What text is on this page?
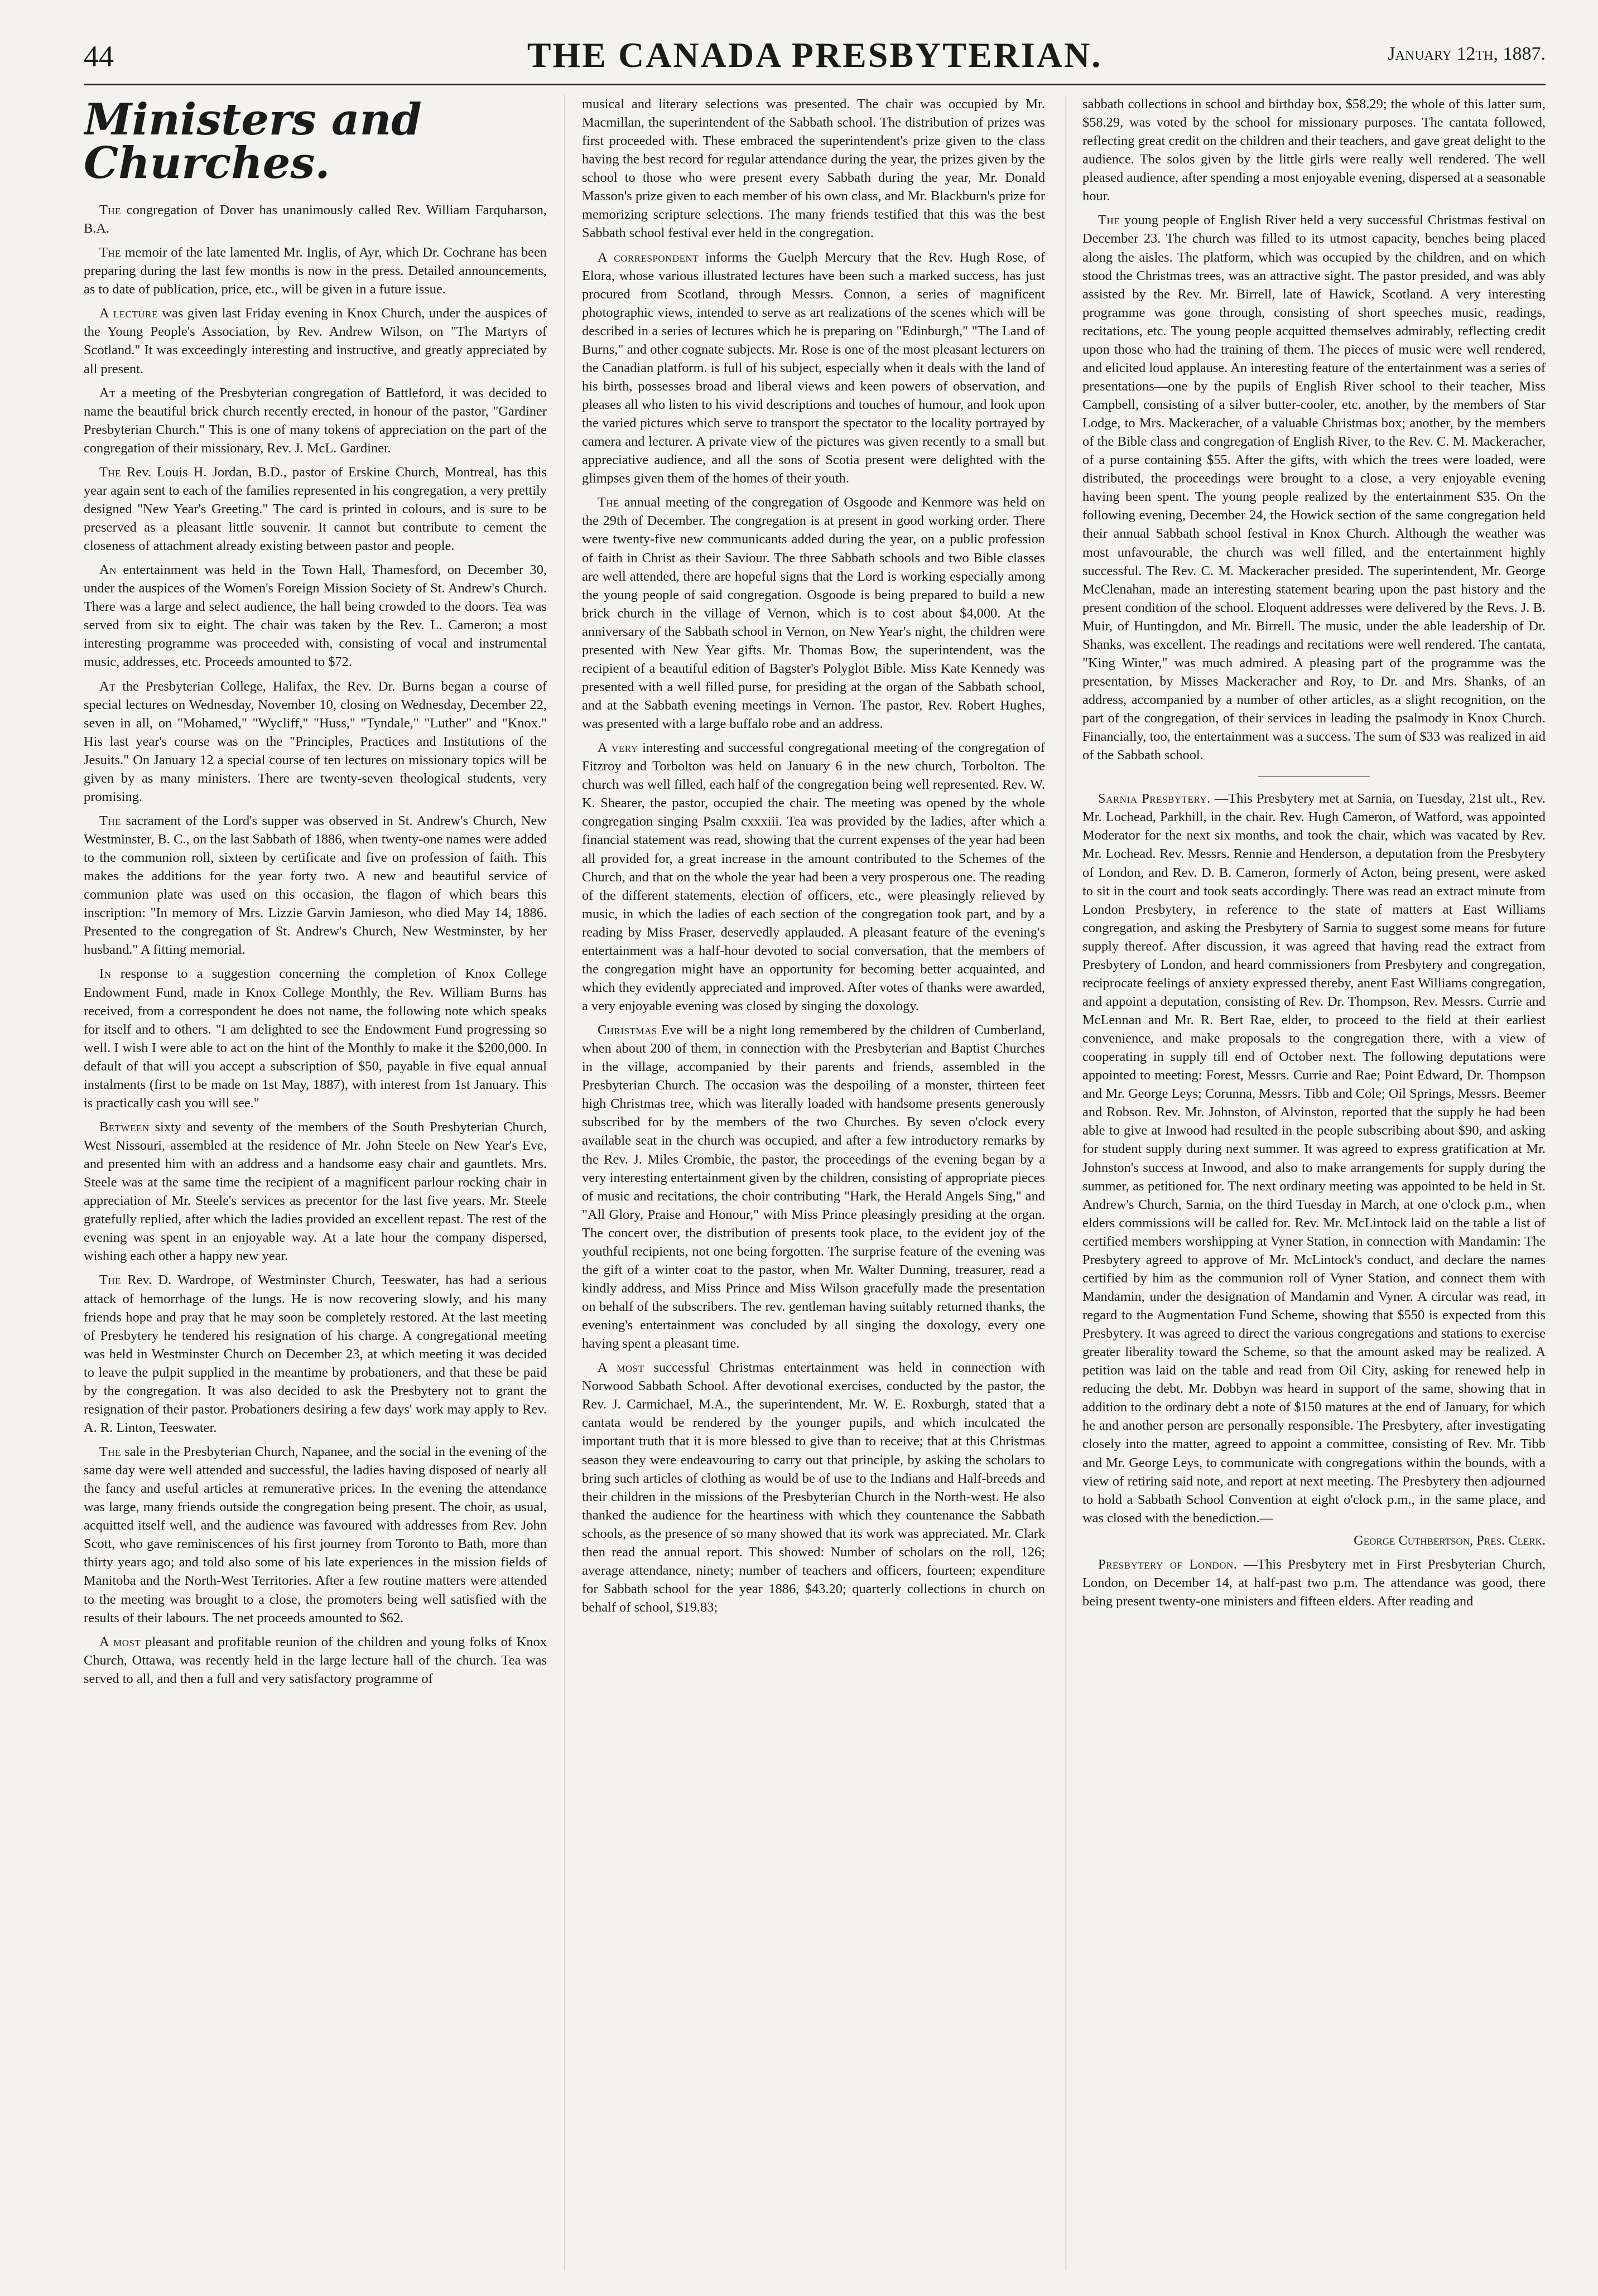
44	THE CANADA PRESBYTERIAN.	January 12th, 1887.
Ministers and Churches.

The congregation of Dover has unanimously called Rev. William Farquharson, B.A.

The memoir of the late lamented Mr. Inglis, of Ayr, which Dr. Cochrane has been preparing during the last few months is now in the press. Detailed announcements, as to date of publication, price, etc., will be given in a future issue.

A lecture was given last Friday evening in Knox Church, under the auspices of the Young People's Association, by Rev. Andrew Wilson, on "The Martyrs of Scotland." It was exceedingly interesting and instructive, and greatly appreciated by all present.

At a meeting of the Presbyterian congregation of Battleford, it was decided to name the beautiful brick church recently erected, in honour of the pastor, "Gardiner Presbyterian Church." This is one of many tokens of appreciation on the part of the congregation of their missionary, Rev. J. McL. Gardiner.

The Rev. Louis H. Jordan, B.D., pastor of Erskine Church, Montreal, has this year again sent to each of the families represented in his congregation, a very prettily designed "New Year's Greeting." The card is printed in colours, and is sure to be preserved as a pleasant little souvenir. It cannot but contribute to cement the closeness of attachment already existing between pastor and people.

An entertainment was held in the Town Hall, Thamesford, on December 30, under the auspices of the Women's Foreign Mission Society of St. Andrew's Church. There was a large and select audience, the hall being crowded to the doors. Tea was served from six to eight. The chair was taken by the Rev. L. Cameron; a most interesting programme was proceeded with, consisting of vocal and instrumental music, addresses, etc. Proceeds amounted to $72.

At the Presbyterian College, Halifax, the Rev. Dr. Burns began a course of special lectures on Wednesday, November 10, closing on Wednesday, December 22, seven in all, on "Mohamed," "Wycliff," "Huss," "Tyndale," "Luther" and "Knox." His last year's course was on the "Principles, Practices and Institutions of the Jesuits." On January 12 a special course of ten lectures on missionary topics will be given by as many ministers. There are twenty-seven theological students, very promising.

The sacrament of the Lord's supper was observed in St. Andrew's Church, New Westminster, B. C., on the last Sabbath of 1886, when twenty-one names were added to the communion roll, sixteen by certificate and five on profession of faith. This makes the additions for the year forty two. A new and beautiful service of communion plate was used on this occasion, the flagon of which bears this inscription: "In memory of Mrs. Lizzie Garvin Jamieson, who died May 14, 1886. Presented to the congregation of St. Andrew's Church, New Westminster, by her husband." A fitting memorial.

In response to a suggestion concerning the completion of Knox College Endowment Fund, made in Knox College Monthly, the Rev. William Burns has received, from a correspondent he does not name, the following note which speaks for itself and to others. "I am delighted to see the Endowment Fund progressing so well. I wish I were able to act on the hint of the Monthly to make it the $200,000. In default of that will you accept a subscription of $50, payable in five equal annual instalments (first to be made on 1st May, 1887), with interest from 1st January. This is practically cash you will see."

Between sixty and seventy of the members of the South Presbyterian Church, West Nissouri, assembled at the residence of Mr. John Steele on New Year's Eve, and presented him with an address and a handsome easy chair and gauntlets. Mrs. Steele was at the same time the recipient of a magnificent parlour rocking chair in appreciation of Mr. Steele's services as precentor for the last five years. Mr. Steele gratefully replied, after which the ladies provided an excellent repast. The rest of the evening was spent in an enjoyable way. At a late hour the company dispersed, wishing each other a happy new year.

The Rev. D. Wardrope, of Westminster Church, Teeswater, has had a serious attack of hemorrhage of the lungs. He is now recovering slowly, and his many friends hope and pray that he may soon be completely restored. At the last meeting of Presbytery he tendered his resignation of his charge. A congregational meeting was held in Westminster Church on December 23, at which meeting it was decided to leave the pulpit supplied in the meantime by probationers, and that these be paid by the congregation. It was also decided to ask the Presbytery not to grant the resignation of their pastor. Probationers desiring a few days' work may apply to Rev. A. R. Linton, Teeswater.

The sale in the Presbyterian Church, Napanee, and the social in the evening of the same day were well attended and successful, the ladies having disposed of nearly all the fancy and useful articles at remunerative prices. In the evening the attendance was large, many friends outside the congregation being present. The choir, as usual, acquitted itself well, and the audience was favoured with addresses from Rev. John Scott, who gave reminiscences of his first journey from Toronto to Bath, more than thirty years ago; and told also some of his late experiences in the mission fields of Manitoba and the North-West Territories. After a few routine matters were attended to the meeting was brought to a close, the promoters being well satisfied with the results of their labours. The net proceeds amounted to $62.

A most pleasant and profitable reunion of the children and young folks of Knox Church, Ottawa, was recently held in the large lecture hall of the church. Tea was served to all, and then a full and very satisfactory programme of

musical and literary selections was presented. The chair was occupied by Mr. Macmillan, the superintendent of the Sabbath school. The distribution of prizes was first proceeded with. These embraced the superintendent's prize given to the class having the best record for regular attendance during the year, the prizes given by the school to those who were present every Sabbath during the year, Mr. Donald Masson's prize given to each member of his own class, and Mr. Blackburn's prize for memorizing scripture selections. The many friends testified that this was the best Sabbath school festival ever held in the congregation.

A correspondent informs the Guelph Mercury that the Rev. Hugh Rose, of Elora, whose various illustrated lectures have been such a marked success, has just procured from Scotland, through Messrs. Connon, a series of magnificent photographic views, intended to serve as art realizations of the scenes which will be described in a series of lectures which he is preparing on "Edinburgh," "The Land of Burns," and other cognate subjects. Mr. Rose is one of the most pleasant lecturers on the Canadian platform. is full of his subject, especially when it deals with the land of his birth, possesses broad and liberal views and keen powers of observation, and pleases all who listen to his vivid descriptions and touches of humour, and look upon the varied pictures which serve to transport the spectator to the locality portrayed by camera and lecturer. A private view of the pictures was given recently to a small but appreciative audience, and all the sons of Scotia present were delighted with the glimpses given them of the homes of their youth.

The annual meeting of the congregation of Osgoode and Kenmore was held on the 29th of December. The congregation is at present in good working order. There were twenty-five new communicants added during the year, on a public profession of faith in Christ as their Saviour. The three Sabbath schools and two Bible classes are well attended, there are hopeful signs that the Lord is working especially among the young people of said congregation. Osgoode is being prepared to build a new brick church in the village of Vernon, which is to cost about $4,000. At the anniversary of the Sabbath school in Vernon, on New Year's night, the children were presented with New Year gifts. Mr. Thomas Bow, the superintendent, was the recipient of a beautiful edition of Bagster's Polyglot Bible. Miss Kate Kennedy was presented with a well filled purse, for presiding at the organ of the Sabbath school, and at the Sabbath evening meetings in Vernon. The pastor, Rev. Robert Hughes, was presented with a large buffalo robe and an address.

A very interesting and successful congregational meeting of the congregation of Fitzroy and Torbolton was held on January 6 in the new church, Torbolton. The church was well filled, each half of the congregation being well represented. Rev. W. K. Shearer, the pastor, occupied the chair. The meeting was opened by the whole congregation singing Psalm cxxxiii. Tea was provided by the ladies, after which a financial statement was read, showing that the current expenses of the year had been all provided for, a great increase in the amount contributed to the Schemes of the Church, and that on the whole the year had been a very prosperous one. The reading of the different statements, election of officers, etc., were pleasingly relieved by music, in which the ladies of each section of the congregation took part, and by a reading by Miss Fraser, deservedly applauded. A pleasant feature of the evening's entertainment was a half-hour devoted to social conversation, that the members of the congregation might have an opportunity for becoming better acquainted, and which they evidently appreciated and improved. After votes of thanks were awarded, a very enjoyable evening was closed by singing the doxology.

Christmas Eve will be a night long remembered by the children of Cumberland, when about 200 of them, in connection with the Presbyterian and Baptist Churches in the village, accompanied by their parents and friends, assembled in the Presbyterian Church. The occasion was the despoiling of a monster, thirteen feet high Christmas tree, which was literally loaded with handsome presents generously subscribed for by the members of the two Churches. By seven o'clock every available seat in the church was occupied, and after a few introductory remarks by the Rev. J. Miles Crombie, the pastor, the proceedings of the evening began by a very interesting entertainment given by the children, consisting of appropriate pieces of music and recitations, the choir contributing "Hark, the Herald Angels Sing," and "All Glory, Praise and Honour," with Miss Prince pleasingly presiding at the organ. The concert over, the distribution of presents took place, to the evident joy of the youthful recipients, not one being forgotten. The surprise feature of the evening was the gift of a winter coat to the pastor, when Mr. Walter Dunning, treasurer, read a kindly address, and Miss Prince and Miss Wilson gracefully made the presentation on behalf of the subscribers. The rev. gentleman having suitably returned thanks, the evening's entertainment was concluded by all singing the doxology, every one having spent a pleasant time.

A most successful Christmas entertainment was held in connection with Norwood Sabbath School. After devotional exercises, conducted by the pastor, the Rev. J. Carmichael, M.A., the superintendent, Mr. W. E. Roxburgh, stated that a cantata would be rendered by the younger pupils, and which inculcated the important truth that it is more blessed to give than to receive; that at this Christmas season they were endeavouring to carry out that principle, by asking the scholars to bring such articles of clothing as would be of use to the Indians and Half-breeds and their children in the missions of the Presbyterian Church in the North-west. He also thanked the audience for the heartiness with which they countenance the Sabbath schools, as the presence of so many showed that its work was appreciated. Mr. Clark then read the annual report. This showed: Number of scholars on the roll, 126; average attendance, ninety; number of teachers and officers, fourteen; expenditure for Sabbath school for the year 1886, $43.20; quarterly collections in church on behalf of school, $19.83;

sabbath collections in school and birthday box, $58.29; the whole of this latter sum, $58.29, was voted by the school for missionary purposes. The cantata followed, reflecting great credit on the children and their teachers, and gave great delight to the audience. The solos given by the little girls were really well rendered. The well pleased audience, after spending a most enjoyable evening, dispersed at a seasonable hour.

The young people of English River held a very successful Christmas festival on December 23. The church was filled to its utmost capacity, benches being placed along the aisles. The platform, which was occupied by the children, and on which stood the Christmas trees, was an attractive sight. The pastor presided, and was ably assisted by the Rev. Mr. Birrell, late of Hawick, Scotland. A very interesting programme was gone through, consisting of short speeches music, readings, recitations, etc. The young people acquitted themselves admirably, reflecting credit upon those who had the training of them. The pieces of music were well rendered, and elicited loud applause. An interesting feature of the entertainment was a series of presentations—one by the pupils of English River school to their teacher, Miss Campbell, consisting of a silver butter-cooler, etc. another, by the members of Star Lodge, to Mrs. Mackeracher, of a valuable Christmas box; another, by the members of the Bible class and congregation of English River, to the Rev. C. M. Mackeracher, of a purse containing $55. After the gifts, with which the trees were loaded, were distributed, the proceedings were brought to a close, a very enjoyable evening having been spent. The young people realized by the entertainment $35. On the following evening, December 24, the Howick section of the same congregation held their annual Sabbath school festival in Knox Church. Although the weather was most unfavourable, the church was well filled, and the entertainment highly successful. The Rev. C. M. Mackeracher presided. The superintendent, Mr. George McClenahan, made an interesting statement bearing upon the past history and the present condition of the school. Eloquent addresses were delivered by the Revs. J. B. Muir, of Huntingdon, and Mr. Birrell. The music, under the able leadership of Dr. Shanks, was excellent. The readings and recitations were well rendered. The cantata, "King Winter," was much admired. A pleasing part of the programme was the presentation, by Misses Mackeracher and Roy, to Dr. and Mrs. Shanks, of an address, accompanied by a number of other articles, as a slight recognition, on the part of the congregation, of their services in leading the psalmody in Knox Church. Financially, too, the entertainment was a success. The sum of $33 was realized in aid of the Sabbath school.

Sarnia Presbytery. —This Presbytery met at Sarnia, on Tuesday, 21st ult., Rev. Mr. Lochead, Parkhill, in the chair. Rev. Hugh Cameron, of Watford, was appointed Moderator for the next six months, and took the chair, which was vacated by Rev. Mr. Lochead. Rev. Messrs. Rennie and Henderson, a deputation from the Presbytery of London, and Rev. D. B. Cameron, formerly of Acton, being present, were asked to sit in the court and took seats accordingly. There was read an extract minute from London Presbytery, in reference to the state of matters at East Williams congregation, and asking the Presbytery of Sarnia to suggest some means for future supply thereof. After discussion, it was agreed that having read the extract from Presbytery of London, and heard commissioners from Presbytery and congregation, reciprocate feelings of anxiety expressed thereby, anent East Williams congregation, and appoint a deputation, consisting of Rev. Dr. Thompson, Rev. Messrs. Currie and McLennan and Mr. R. Bert Rae, elder, to proceed to the field at their earliest convenience, and make proposals to the congregation there, with a view of cooperating in supply till end of October next. The following deputations were appointed to meeting: Forest, Messrs. Currie and Rae; Point Edward, Dr. Thompson and Mr. George Leys; Corunna, Messrs. Tibb and Cole; Oil Springs, Messrs. Beemer and Robson. Rev. Mr. Johnston, of Alvinston, reported that the supply he had been able to give at Inwood had resulted in the people subscribing about $90, and asking for student supply during next summer. It was agreed to express gratification at Mr. Johnston's success at Inwood, and also to make arrangements for supply during the summer, as petitioned for. The next ordinary meeting was appointed to be held in St. Andrew's Church, Sarnia, on the third Tuesday in March, at one o'clock p.m., when elders commissions will be called for. Rev. Mr. McLintock laid on the table a list of certified members worshipping at Vyner Station, in connection with Mandamin: The Presbytery agreed to approve of Mr. McLintock's conduct, and declare the names certified by him as the communion roll of Vyner Station, and connect them with Mandamin, under the designation of Mandamin and Vyner. A circular was read, in regard to the Augmentation Fund Scheme, showing that $550 is expected from this Presbytery. It was agreed to direct the various congregations and stations to exercise greater liberality toward the Scheme, so that the amount asked may be realized. A petition was laid on the table and read from Oil City, asking for renewed help in reducing the debt. Mr. Dobbyn was heard in support of the same, showing that in addition to the ordinary debt a note of $150 matures at the end of January, for which he and another person are personally responsible. The Presbytery, after investigating closely into the matter, agreed to appoint a committee, consisting of Rev. Mr. Tibb and Mr. George Leys, to communicate with congregations within the bounds, with a view of retiring said note, and report at next meeting. The Presbytery then adjourned to hold a Sabbath School Convention at eight o'clock p.m., in the same place, and was closed with the benediction.—

George Cuthbertson, Pres. Clerk.

Presbytery of London. —This Presbytery met in First Presbyterian Church, London, on December 14, at half-past two p.m. The attendance was good, there being present twenty-one ministers and fifteen elders. After reading and
